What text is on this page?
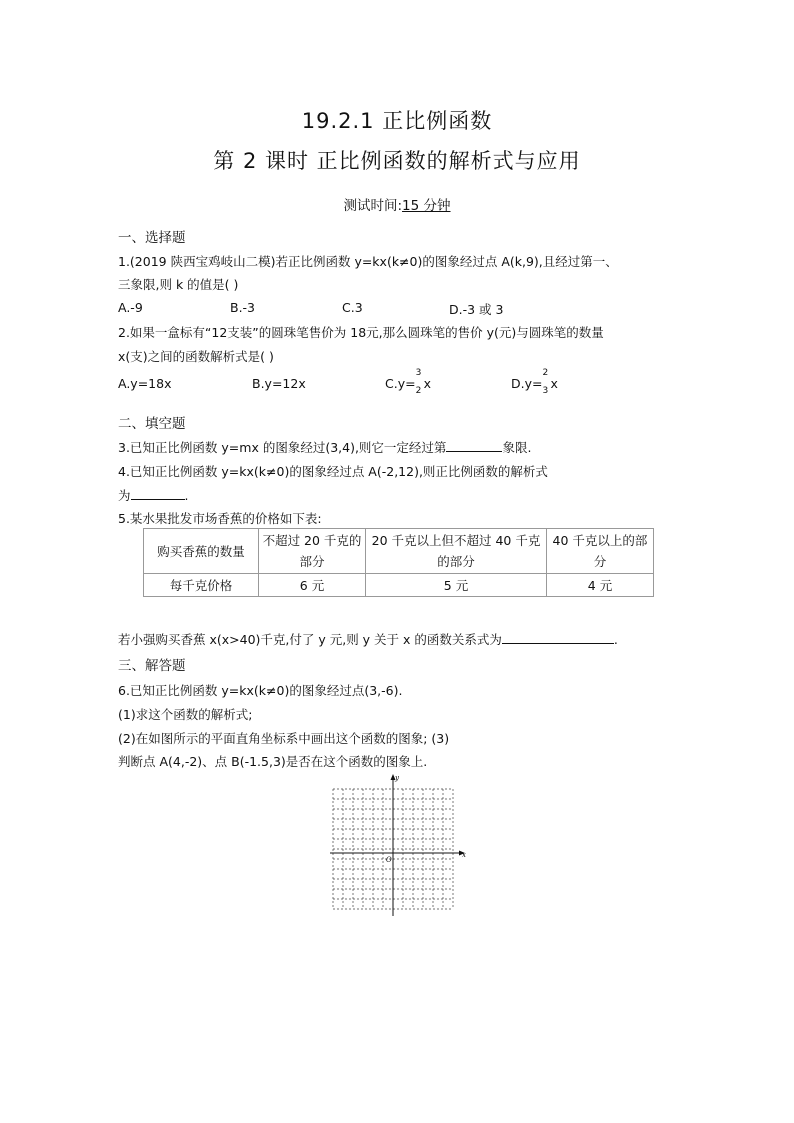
19.2.1 正比例函数
第 2 课时 正比例函数的解析式与应用
测试时间:15 分钟
一、选择题
1.(2019 陕西宝鸡岐山二模)若正比例函数 y=kx(k≠0)的图象经过点 A(k,9),且经过第一、
三象限,则 k 的值是( )
A.-9	B.-3	C.3	D.-3 或 3
2.如果一盒标有“12支装”的圆珠笔售价为 18元,那么圆珠笔的售价 y(元)与圆珠笔的数量
x(支)之间的函数解析式是( )
A.y=18x	B.y=12x	C.y=
3
2 x	D.y=
2
3 x
二、填空题
3.已知正比例函数 y=mx 的图象经过(3,4),则它一定经过第	象限.
4.已知正比例函数 y=kx(k≠0)的图象经过点 A(-2,12),则正比例函数的解析式
为	.
5.某水果批发市场香蕉的价格如下表:
购买香蕉的数量	不超过 20 千克的部分	20 千克以上但不超过 40 千克的部分	40 千克以上的部分
每千克价格	6 元	5 元	4 元
若小强购买香蕉 x(x>40)千克,付了 y 元,则 y 关于 x 的函数关系式为	.
三、解答题
6.已知正比例函数 y=kx(k≠0)的图象经过点(3,-6).
(1)求这个函数的解析式;
(2)在如图所示的平面直角坐标系中画出这个函数的图象; (3)
判断点 A(4,-2)、点 B(-1.5,3)是否在这个函数的图象上.
x
y
O
